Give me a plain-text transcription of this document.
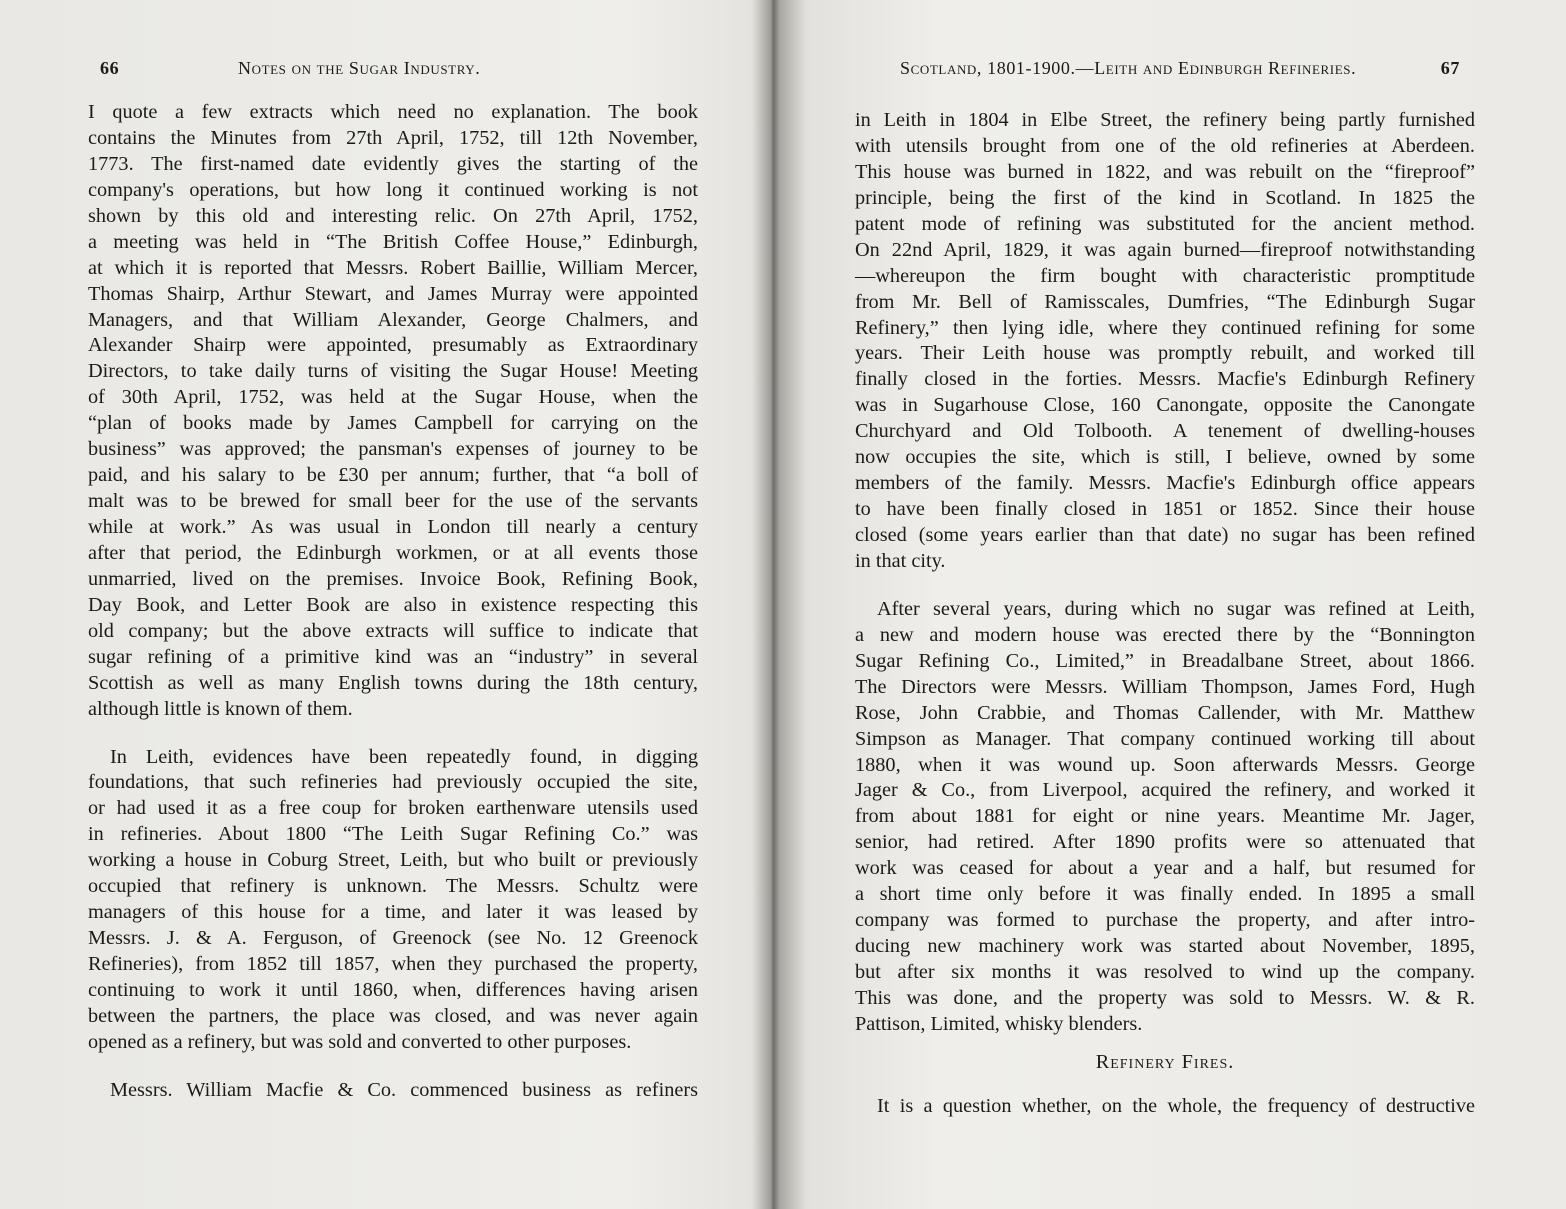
66	Notes on the Sugar Industry.
I quote a few extracts which need no explanation. The book
contains the Minutes from 27th April, 1752, till 12th November,
1773. The first-named date evidently gives the starting of the
company's operations, but how long it continued working is not
shown by this old and interesting relic. On 27th April, 1752,
a meeting was held in “The British Coffee House,” Edinburgh,
at which it is reported that Messrs. Robert Baillie, William Mercer,
Thomas Shairp, Arthur Stewart, and James Murray were appointed
Managers, and that William Alexander, George Chalmers, and
Alexander Shairp were appointed, presumably as Extraordinary
Directors, to take daily turns of visiting the Sugar House! Meeting
of 30th April, 1752, was held at the Sugar House, when the
“plan of books made by James Campbell for carrying on the
business” was approved; the pansman's expenses of journey to be
paid, and his salary to be £30 per annum; further, that “a boll of
malt was to be brewed for small beer for the use of the servants
while at work.” As was usual in London till nearly a century
after that period, the Edinburgh workmen, or at all events those
unmarried, lived on the premises. Invoice Book, Refining Book,
Day Book, and Letter Book are also in existence respecting this
old company; but the above extracts will suffice to indicate that
sugar refining of a primitive kind was an “industry” in several
Scottish as well as many English towns during the 18th century,
although little is known of them.
In Leith, evidences have been repeatedly found, in digging
foundations, that such refineries had previously occupied the site,
or had used it as a free coup for broken earthenware utensils used
in refineries. About 1800 “The Leith Sugar Refining Co.” was
working a house in Coburg Street, Leith, but who built or previously
occupied that refinery is unknown. The Messrs. Schultz were
managers of this house for a time, and later it was leased by
Messrs. J. & A. Ferguson, of Greenock (see No. 12 Greenock
Refineries), from 1852 till 1857, when they purchased the property,
continuing to work it until 1860, when, differences having arisen
between the partners, the place was closed, and was never again
opened as a refinery, but was sold and converted to other purposes.
Messrs. William Macfie & Co. commenced business as refiners
Scotland, 1801-1900.—Leith and Edinburgh Refineries.	67
in Leith in 1804 in Elbe Street, the refinery being partly furnished
with utensils brought from one of the old refineries at Aberdeen.
This house was burned in 1822, and was rebuilt on the “fireproof”
principle, being the first of the kind in Scotland. In 1825 the
patent mode of refining was substituted for the ancient method.
On 22nd April, 1829, it was again burned—fireproof notwithstanding
—whereupon the firm bought with characteristic promptitude
from Mr. Bell of Ramisscales, Dumfries, “The Edinburgh Sugar
Refinery,” then lying idle, where they continued refining for some
years. Their Leith house was promptly rebuilt, and worked till
finally closed in the forties. Messrs. Macfie's Edinburgh Refinery
was in Sugarhouse Close, 160 Canongate, opposite the Canongate
Churchyard and Old Tolbooth. A tenement of dwelling-houses
now occupies the site, which is still, I believe, owned by some
members of the family. Messrs. Macfie's Edinburgh office appears
to have been finally closed in 1851 or 1852. Since their house
closed (some years earlier than that date) no sugar has been refined
in that city.
After several years, during which no sugar was refined at Leith,
a new and modern house was erected there by the “Bonnington
Sugar Refining Co., Limited,” in Breadalbane Street, about 1866.
The Directors were Messrs. William Thompson, James Ford, Hugh
Rose, John Crabbie, and Thomas Callender, with Mr. Matthew
Simpson as Manager. That company continued working till about
1880, when it was wound up. Soon afterwards Messrs. George
Jager & Co., from Liverpool, acquired the refinery, and worked it
from about 1881 for eight or nine years. Meantime Mr. Jager,
senior, had retired. After 1890 profits were so attenuated that
work was ceased for about a year and a half, but resumed for
a short time only before it was finally ended. In 1895 a small
company was formed to purchase the property, and after intro-
ducing new machinery work was started about November, 1895,
but after six months it was resolved to wind up the company.
This was done, and the property was sold to Messrs. W. & R.
Pattison, Limited, whisky blenders.
Refinery Fires.
It is a question whether, on the whole, the frequency of destructive
